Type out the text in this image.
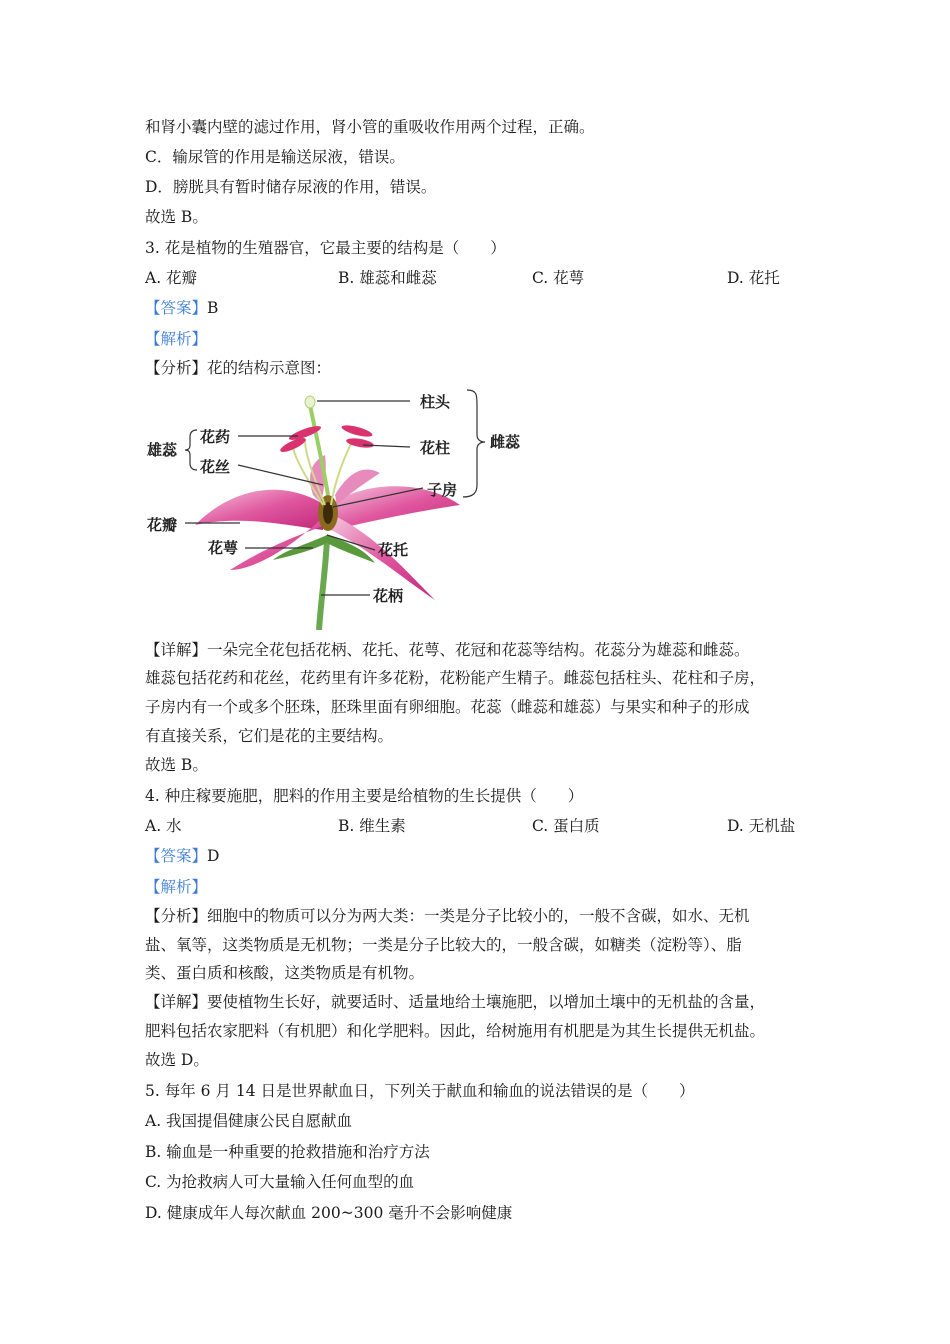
和肾小囊内壁的滤过作用，肾小管的重吸收作用两个过程，正确。
C．输尿管的作用是输送尿液，错误。
D．膀胱具有暂时储存尿液的作用，错误。
故选 B。
3. 花是植物的生殖器官，它最主要的结构是（　　）
A. 花瓣	B. 雄蕊和雌蕊	C. 花萼	D. 花托
【答案】B
【解析】
【分析】花的结构示意图：
柱头
花柱
子房
雌蕊
雄蕊
花药
花丝
花瓣
花萼	花托
花柄
【详解】一朵完全花包括花柄、花托、花萼、花冠和花蕊等结构。花蕊分为雄蕊和雌蕊。
雄蕊包括花药和花丝，花药里有许多花粉，花粉能产生精子。雌蕊包括柱头、花柱和子房，
子房内有一个或多个胚珠，胚珠里面有卵细胞。花蕊（雌蕊和雄蕊）与果实和种子的形成
有直接关系，它们是花的主要结构。
故选 B。
4. 种庄稼要施肥，肥料的作用主要是给植物的生长提供（　　）
A. 水	B. 维生素	C. 蛋白质	D. 无机盐
【答案】D
【解析】
【分析】细胞中的物质可以分为两大类：一类是分子比较小的，一般不含碳，如水、无机
盐、氧等，这类物质是无机物；一类是分子比较大的，一般含碳，如糖类（淀粉等）、脂
类、蛋白质和核酸，这类物质是有机物。
【详解】要使植物生长好，就要适时、适量地给土壤施肥，以增加土壤中的无机盐的含量，
肥料包括农家肥料（有机肥）和化学肥料。因此，给树施用有机肥是为其生长提供无机盐。
故选 D。
5. 每年 6 月 14 日是世界献血日，下列关于献血和输血的说法错误的是（　　）
A. 我国提倡健康公民自愿献血
B. 输血是一种重要的抢救措施和治疗方法
C. 为抢救病人可大量输入任何血型的血
D. 健康成年人每次献血 200~300 毫升不会影响健康
